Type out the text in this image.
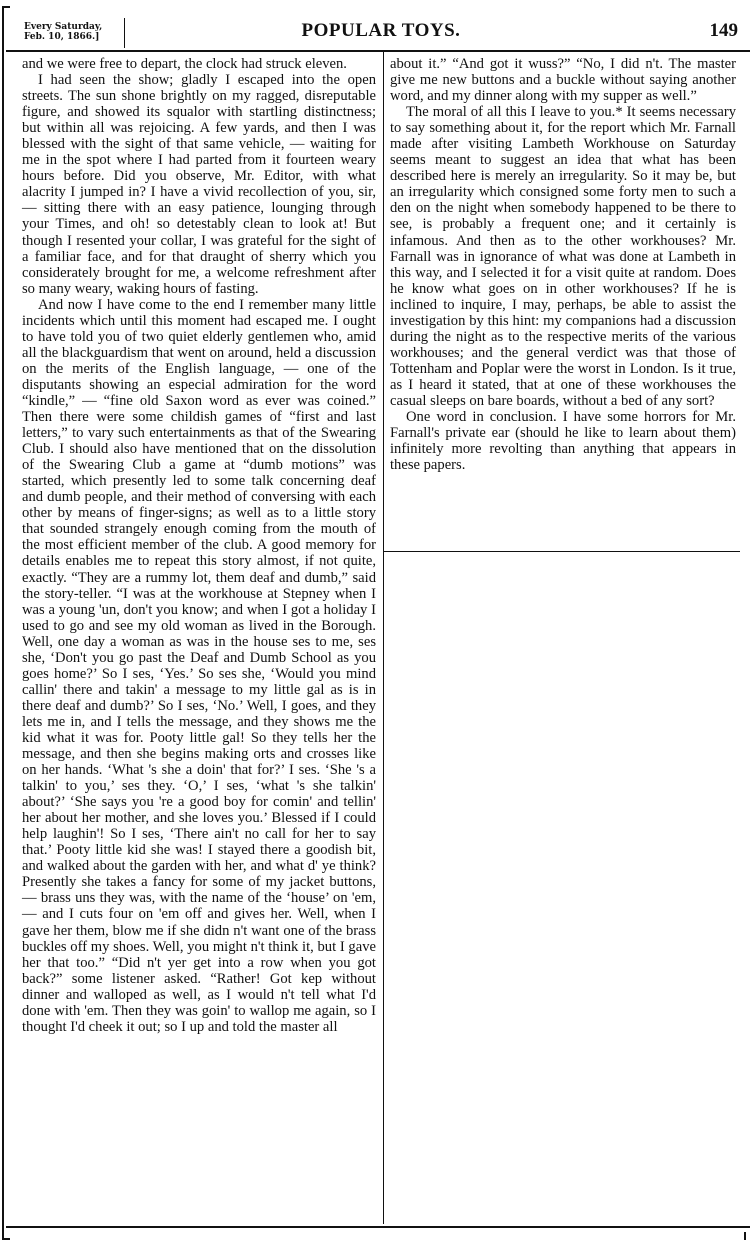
Every Saturday,
Feb. 10, 1866.]	POPULAR TOYS.	149

and we were free to depart, the clock had struck eleven.

I had seen the show; gladly I escaped into the open streets. The sun shone brightly on my ragged, disreputable figure, and showed its squalor with startling distinctness; but within all was rejoicing. A few yards, and then I was blessed with the sight of that same vehicle, — waiting for me in the spot where I had parted from it fourteen weary hours before. Did you observe, Mr. Editor, with what alacrity I jumped in? I have a vivid recollection of you, sir, — sitting there with an easy patience, lounging through your Times, and oh! so detestably clean to look at! But though I resented your collar, I was grateful for the sight of a familiar face, and for that draught of sherry which you considerately brought for me, a welcome refreshment after so many weary, waking hours of fasting.

And now I have come to the end I remember many little incidents which until this moment had escaped me. I ought to have told you of two quiet elderly gentlemen who, amid all the blackguardism that went on around, held a discussion on the merits of the English language, — one of the disputants showing an especial admiration for the word “kindle,” — “fine old Saxon word as ever was coined.” Then there were some childish games of “first and last letters,” to vary such entertainments as that of the Swearing Club. I should also have mentioned that on the dissolution of the Swearing Club a game at “dumb motions” was started, which presently led to some talk concerning deaf and dumb people, and their method of conversing with each other by means of finger-signs; as well as to a little story that sounded strangely enough coming from the mouth of the most efficient member of the club. A good memory for details enables me to repeat this story almost, if not quite, exactly. “They are a rummy lot, them deaf and dumb,” said the story-teller. “I was at the workhouse at Stepney when I was a young 'un, don't you know; and when I got a holiday I used to go and see my old woman as lived in the Borough. Well, one day a woman as was in the house ses to me, ses she, ‘Don't you go past the Deaf and Dumb School as you goes home?’ So I ses, ‘Yes.’ So ses she, ‘Would you mind callin' there and takin' a message to my little gal as is in there deaf and dumb?’ So I ses, ‘No.’ Well, I goes, and they lets me in, and I tells the message, and they shows me the kid what it was for. Pooty little gal! So they tells her the message, and then she begins making orts and crosses like on her hands. ‘What 's she a doin' that for?’ I ses. ‘She 's a talkin' to you,’ ses they. ‘O,’ I ses, ‘what 's she talkin' about?’ ‘She says you 're a good boy for comin' and tellin' her about her mother, and she loves you.’ Blessed if I could help laughin'! So I ses, ‘There ain't no call for her to say that.’ Pooty little kid she was! I stayed there a goodish bit, and walked about the garden with her, and what d' ye think? Presently she takes a fancy for some of my jacket buttons, — brass uns they was, with the name of the ‘house’ on 'em, — and I cuts four on 'em off and gives her. Well, when I gave her them, blow me if she didn n't want one of the brass buckles off my shoes. Well, you might n't think it, but I gave her that too.” “Did n't yer get into a row when you got back?” some listener asked. “Rather! Got kep without dinner and walloped as well, as I would n't tell what I'd done with 'em. Then they was goin' to wallop me again, so I thought I'd cheek it out; so I up and told the master all

about it.” “And got it wuss?” “No, I did n't. The master give me new buttons and a buckle without saying another word, and my dinner along with my supper as well.”

The moral of all this I leave to you.* It seems necessary to say something about it, for the report which Mr. Farnall made after visiting Lambeth Workhouse on Saturday seems meant to suggest an idea that what has been described here is merely an irregularity. So it may be, but an irregularity which consigned some forty men to such a den on the night when somebody happened to be there to see, is probably a frequent one; and it certainly is infamous. And then as to the other workhouses? Mr. Farnall was in ignorance of what was done at Lambeth in this way, and I selected it for a visit quite at random. Does he know what goes on in other workhouses? If he is inclined to inquire, I may, perhaps, be able to assist the investigation by this hint: my companions had a discussion during the night as to the respective merits of the various workhouses; and the general verdict was that those of Tottenham and Poplar were the worst in London. Is it true, as I heard it stated, that at one of these workhouses the casual sleeps on bare boards, without a bed of any sort?

One word in conclusion. I have some horrors for Mr. Farnall's private ear (should he like to learn about them) infinitely more revolting than anything that appears in these papers.
